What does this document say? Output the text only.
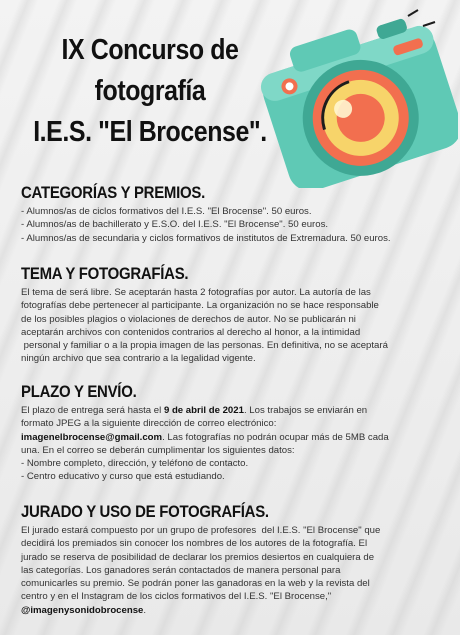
IX Concurso de
fotografía
I.E.S. "El Brocense".
CATEGORÍAS Y PREMIOS.

- Alumnos/as de ciclos formativos del I.E.S. "El Brocense". 50 euros.
- Alumnos/as de bachillerato y E.S.O. del I.E.S. "El Brocense". 50 euros.
- Alumnos/as de secundaria y ciclos formativos de institutos de Extremadura. 50 euros.

TEMA Y FOTOGRAFÍAS.

El tema de será libre. Se aceptarán hasta 2 fotografías por autor. La autoría de las
fotografías debe pertenecer al participante. La organización no se hace responsable
de los posibles plagios o violaciones de derechos de autor. No se publicarán ni
aceptarán archivos con contenidos contrarios al derecho al honor, a la intimidad
personal y familiar o a la propia imagen de las personas. En definitiva, no se aceptará
ningún archivo que sea contrario a la legalidad vigente.

PLAZO Y ENVÍO.

El plazo de entrega será hasta el 9 de abril de 2021. Los trabajos se enviarán en
formato JPEG a la siguiente dirección de correo electrónico:
imagenelbrocense@gmail.com. Las fotografías no podrán ocupar más de 5MB cada
una. En el correo se deberán cumplimentar los siguientes datos:
- Nombre completo, dirección, y teléfono de contacto.
- Centro educativo y curso que está estudiando.

JURADO Y USO DE FOTOGRAFÍAS.

El jurado estará compuesto por un grupo de profesores  del I.E.S. "El Brocense" que
decidirá los premiados sin conocer los nombres de los autores de la fotografía. El
jurado se reserva de posibilidad de declarar los premios desiertos en cualquiera de
las categorías. Los ganadores serán contactados de manera personal para
comunicarles su premio. Se podrán poner las ganadoras en la web y la revista del
centro y en el Instagram de los ciclos formativos del I.E.S. "El Brocense,"
@imagenysonidobrocense.
